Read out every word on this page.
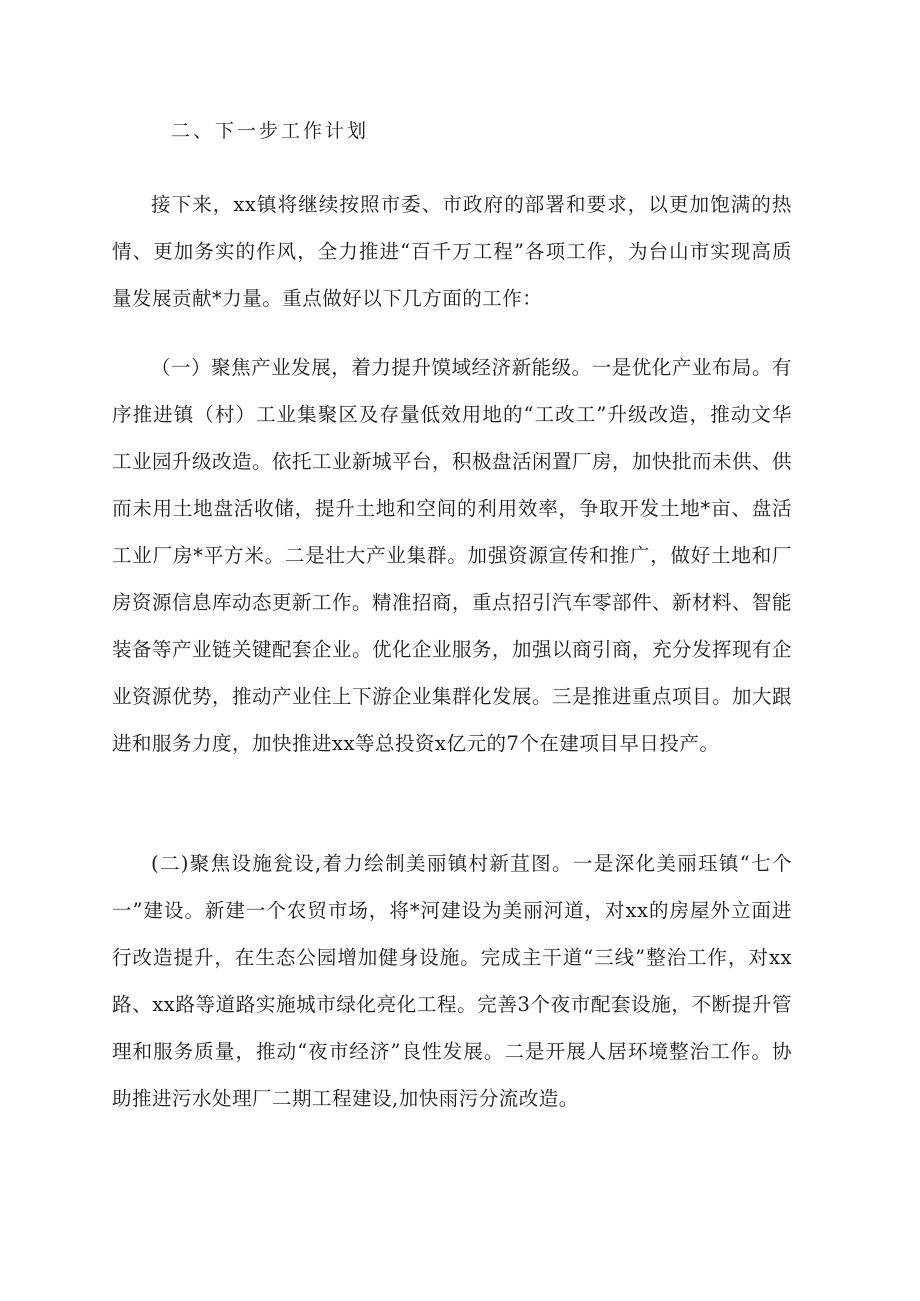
二、下一步工作计划

接下来，xx镇将继续按照市委、市政府的部署和要求，以更加饱满的热情、更加务实的作风，全力推进“百千万工程”各项工作，为台山市实现高质量发展贡献*力量。重点做好以下几方面的工作：

（一）聚焦产业发展，着力提升馍域经济新能级。一是优化产业布局。有序推进镇（村）工业集聚区及存量低效用地的“工改工”升级改造，推动文华工业园升级改造。依托工业新城平台，积极盘活闲置厂房，加快批而未供、供而未用土地盘活收储，提升土地和空间的利用效率，争取开发土地*亩、盘活工业厂房*平方米。二是壮大产业集群。加强资源宣传和推广，做好土地和厂房资源信息库动态更新工作。精准招商，重点招引汽车零部件、新材料、智能装备等产业链关键配套企业。优化企业服务，加强以商引商，充分发挥现有企业资源优势，推动产业住上下游企业集群化发展。三是推进重点项目。加大跟进和服务力度，加快推进xx等总投资x亿元的7个在建项目早日投产。

(二)聚焦设施瓮设,着力绘制美丽镇村新苴图。一是深化美丽珏镇“七个一”建设。新建一个农贸市场，将*河建设为美丽河道，对xx的房屋外立面进行改造提升，在生态公园增加健身设施。完成主干道“三线”整治工作，对xx路、xx路等道路实施城市绿化亮化工程。完善3个夜市配套设施，不断提升管理和服务质量，推动“夜市经济”良性发展。二是开展人居环境整治工作。协助推进污水处理厂二期工程建设,加快雨污分流改造。
